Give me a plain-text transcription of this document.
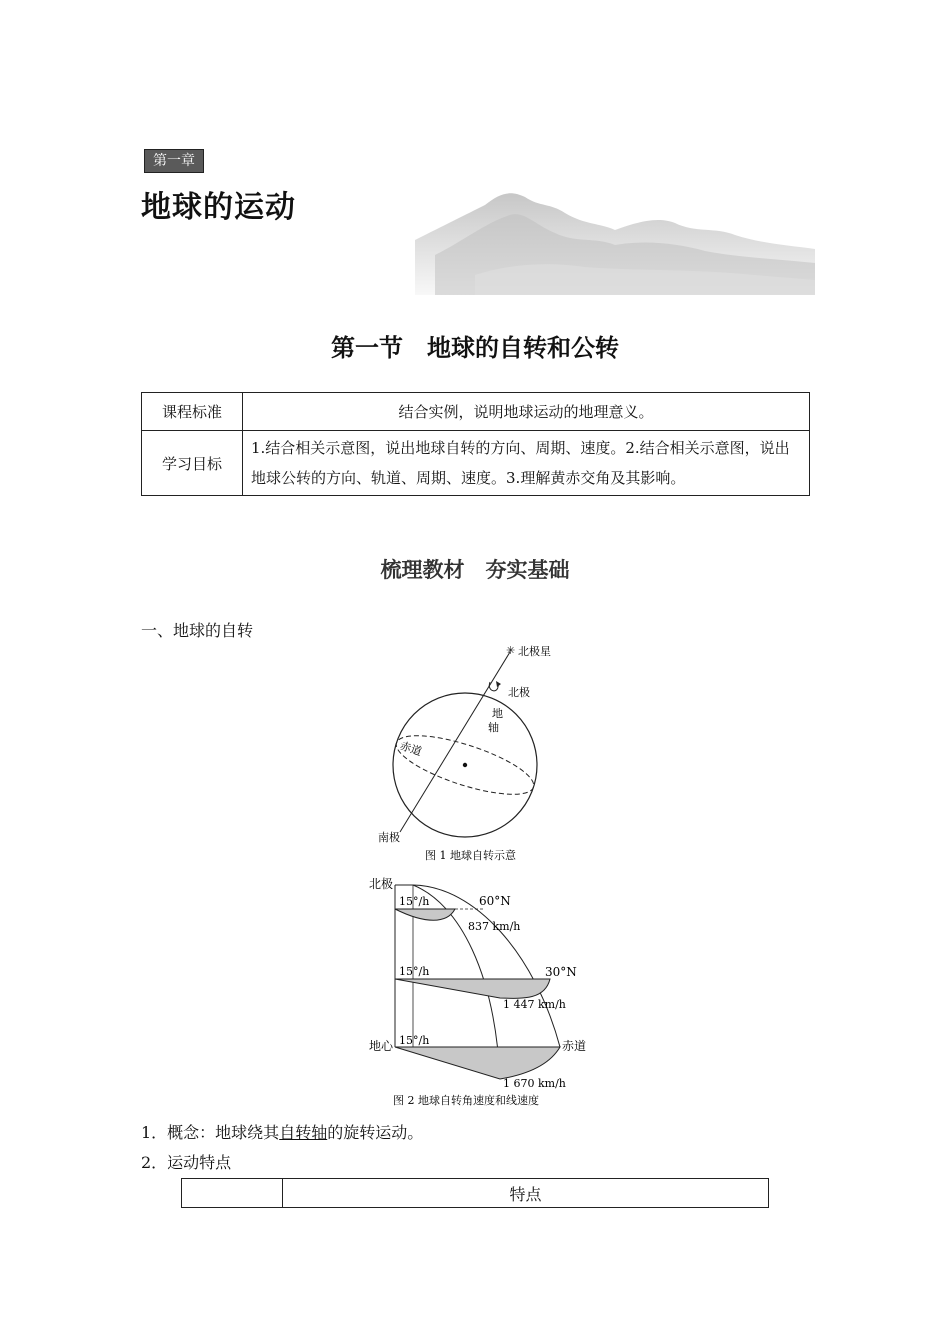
第一章
地球的运动
第一节　地球的自转和公转
课程标准	结合实例，说明地球运动的地理意义。
学习目标	1.结合相关示意图，说出地球自转的方向、周期、速度。2.结合相关示意图，说出地球公转的方向、轨道、周期、速度。3.理解黄赤交角及其影响。
梳理教材　夯实基础
一、地球的自转
✳ 北极星
北极
地
轴
赤道
南极
图 1 地球自转示意
北极
15°/h
15°/h
15°/h
60°N
837 km/h
30°N
1 447 km/h
地心	赤道
1 670 km/h
图 2 地球自转角速度和线速度
1．概念：地球绕其自转轴的旋转运动。
2．运动特点
	特点
